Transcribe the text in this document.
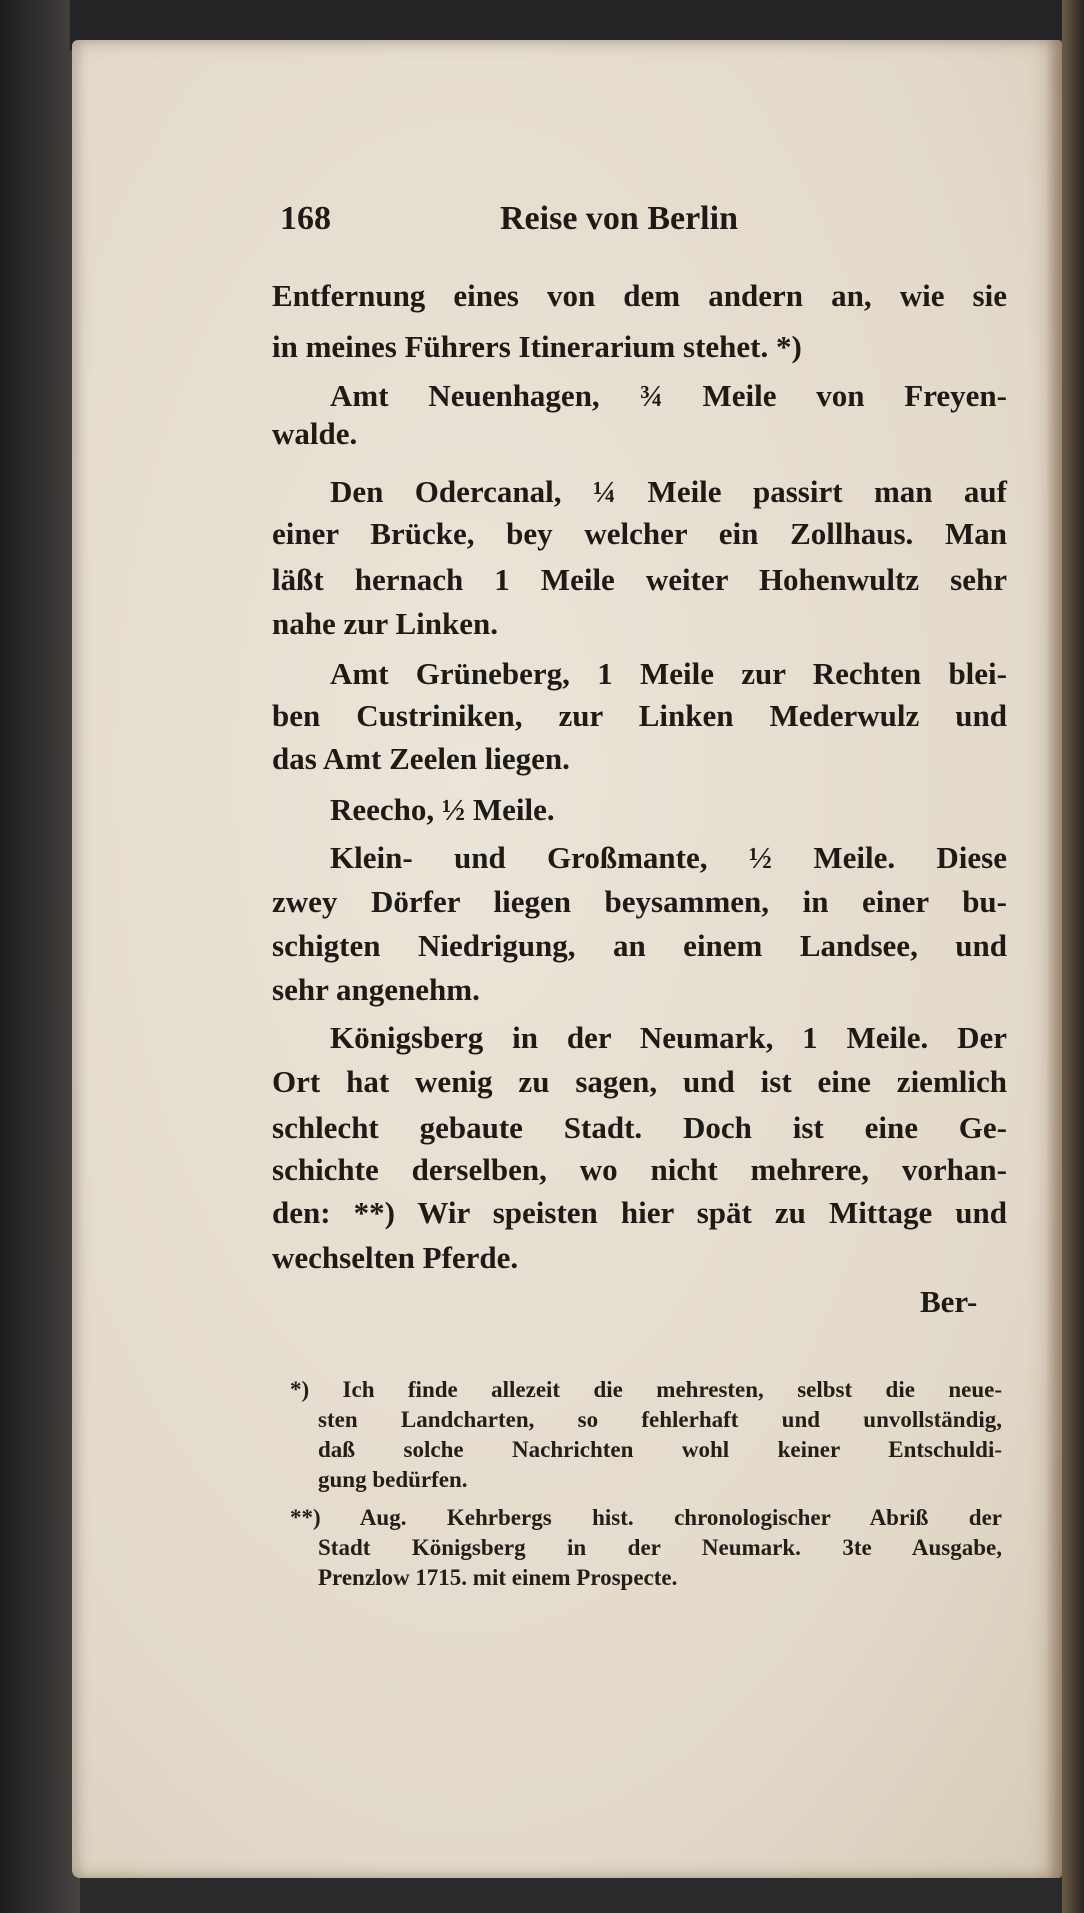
168	Reise von Berlin
Entfernung eines von dem andern an, wie sie
in meines Führers Itinerarium stehet. *)
Amt Neuenhagen, ¾ Meile von Freyen-
walde.
Den Odercanal, ¼ Meile passirt man auf
einer Brücke, bey welcher ein Zollhaus. Man
läßt hernach 1 Meile weiter Hohenwultz sehr
nahe zur Linken.
Amt Grüneberg, 1 Meile zur Rechten blei-
ben Custriniken, zur Linken Mederwulz und
das Amt Zeelen liegen.
Reecho, ½ Meile.
Klein- und Großmante, ½ Meile. Diese
zwey Dörfer liegen beysammen, in einer bu-
schigten Niedrigung, an einem Landsee, und
sehr angenehm.
Königsberg in der Neumark, 1 Meile. Der
Ort hat wenig zu sagen, und ist eine ziemlich
schlecht gebaute Stadt. Doch ist eine Ge-
schichte derselben, wo nicht mehrere, vorhan-
den: **) Wir speisten hier spät zu Mittage und
wechselten Pferde.
Ber-
*) Ich finde allezeit die mehresten, selbst die neue-
sten Landcharten, so fehlerhaft und unvollständig,
daß solche Nachrichten wohl keiner Entschuldi-
gung bedürfen.
**) Aug. Kehrbergs hist. chronologischer Abriß der
Stadt Königsberg in der Neumark. 3te Ausgabe,
Prenzlow 1715. mit einem Prospecte.
